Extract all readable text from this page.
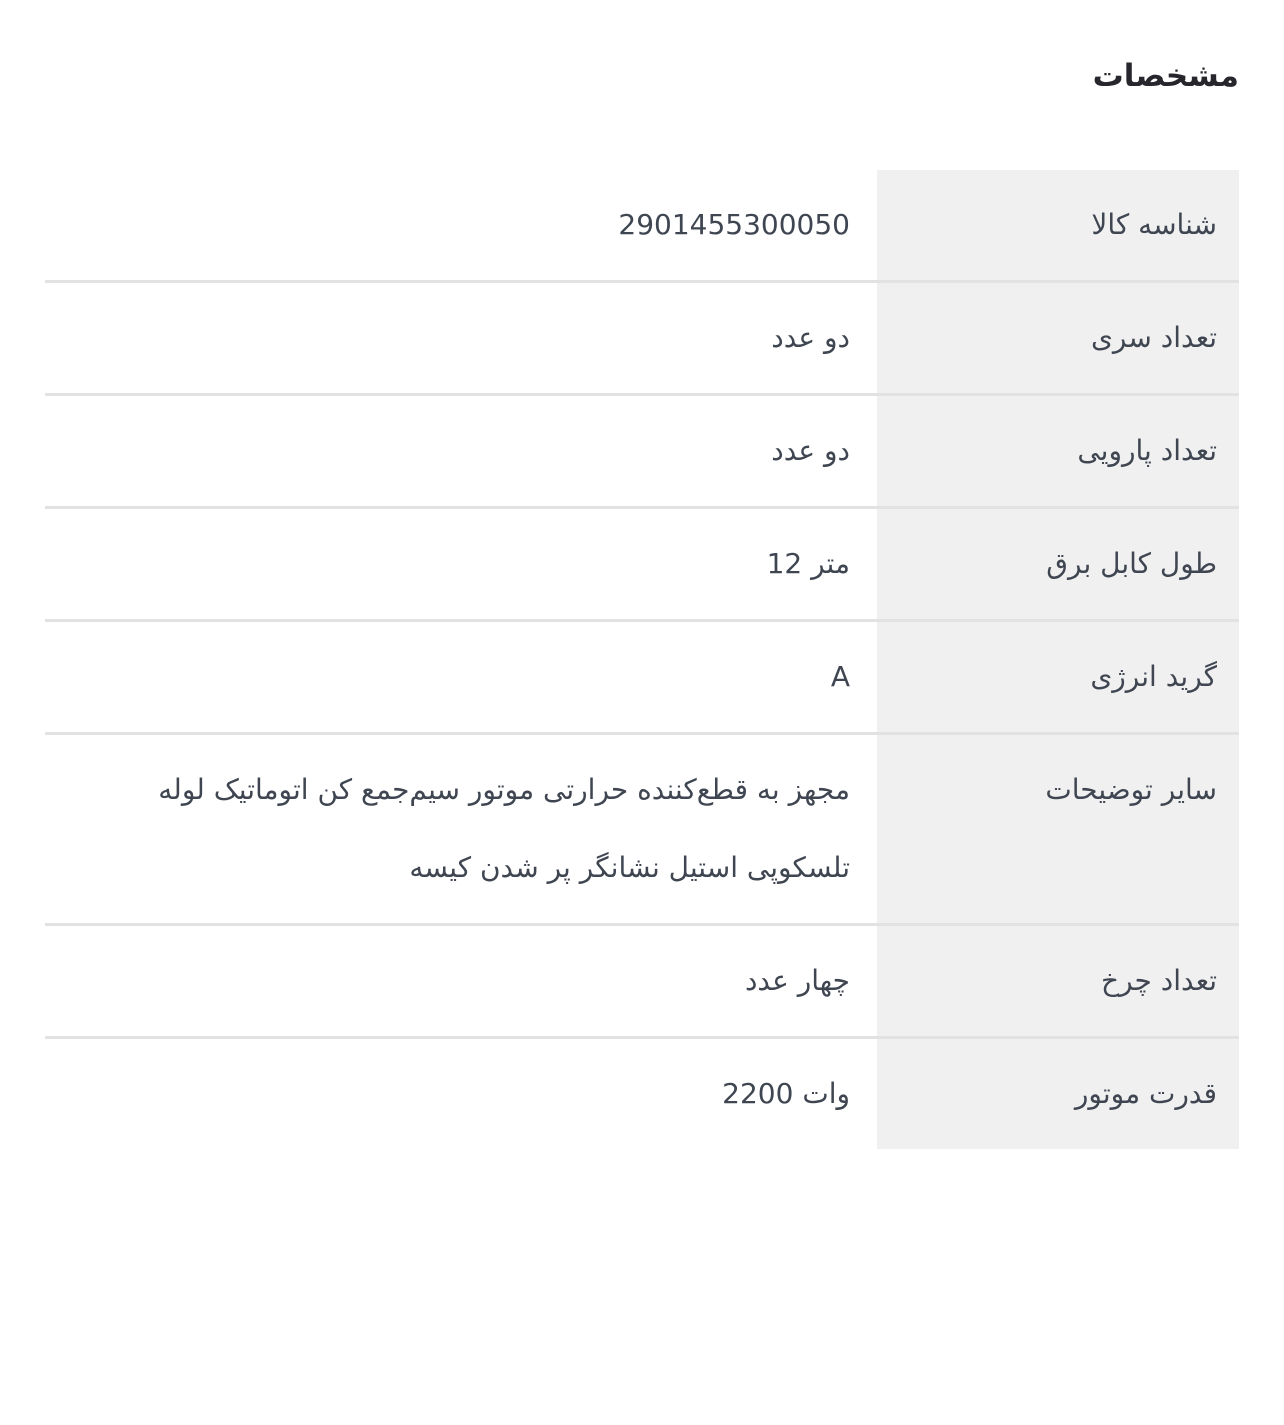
مشخصات
شناسه کالا
2901455300050
تعداد سری
دو عدد
تعداد پارویی
دو عدد
طول کابل برق
12 متر
گرید انرژی
A
سایر توضیحات
مجهز به قطع‌کننده حرارتی موتور سیم‌جمع کن اتوماتیک لوله تلسکوپی استیل نشانگر پر شدن کیسه
تعداد چرخ
چهار عدد
قدرت موتور
2200 وات
